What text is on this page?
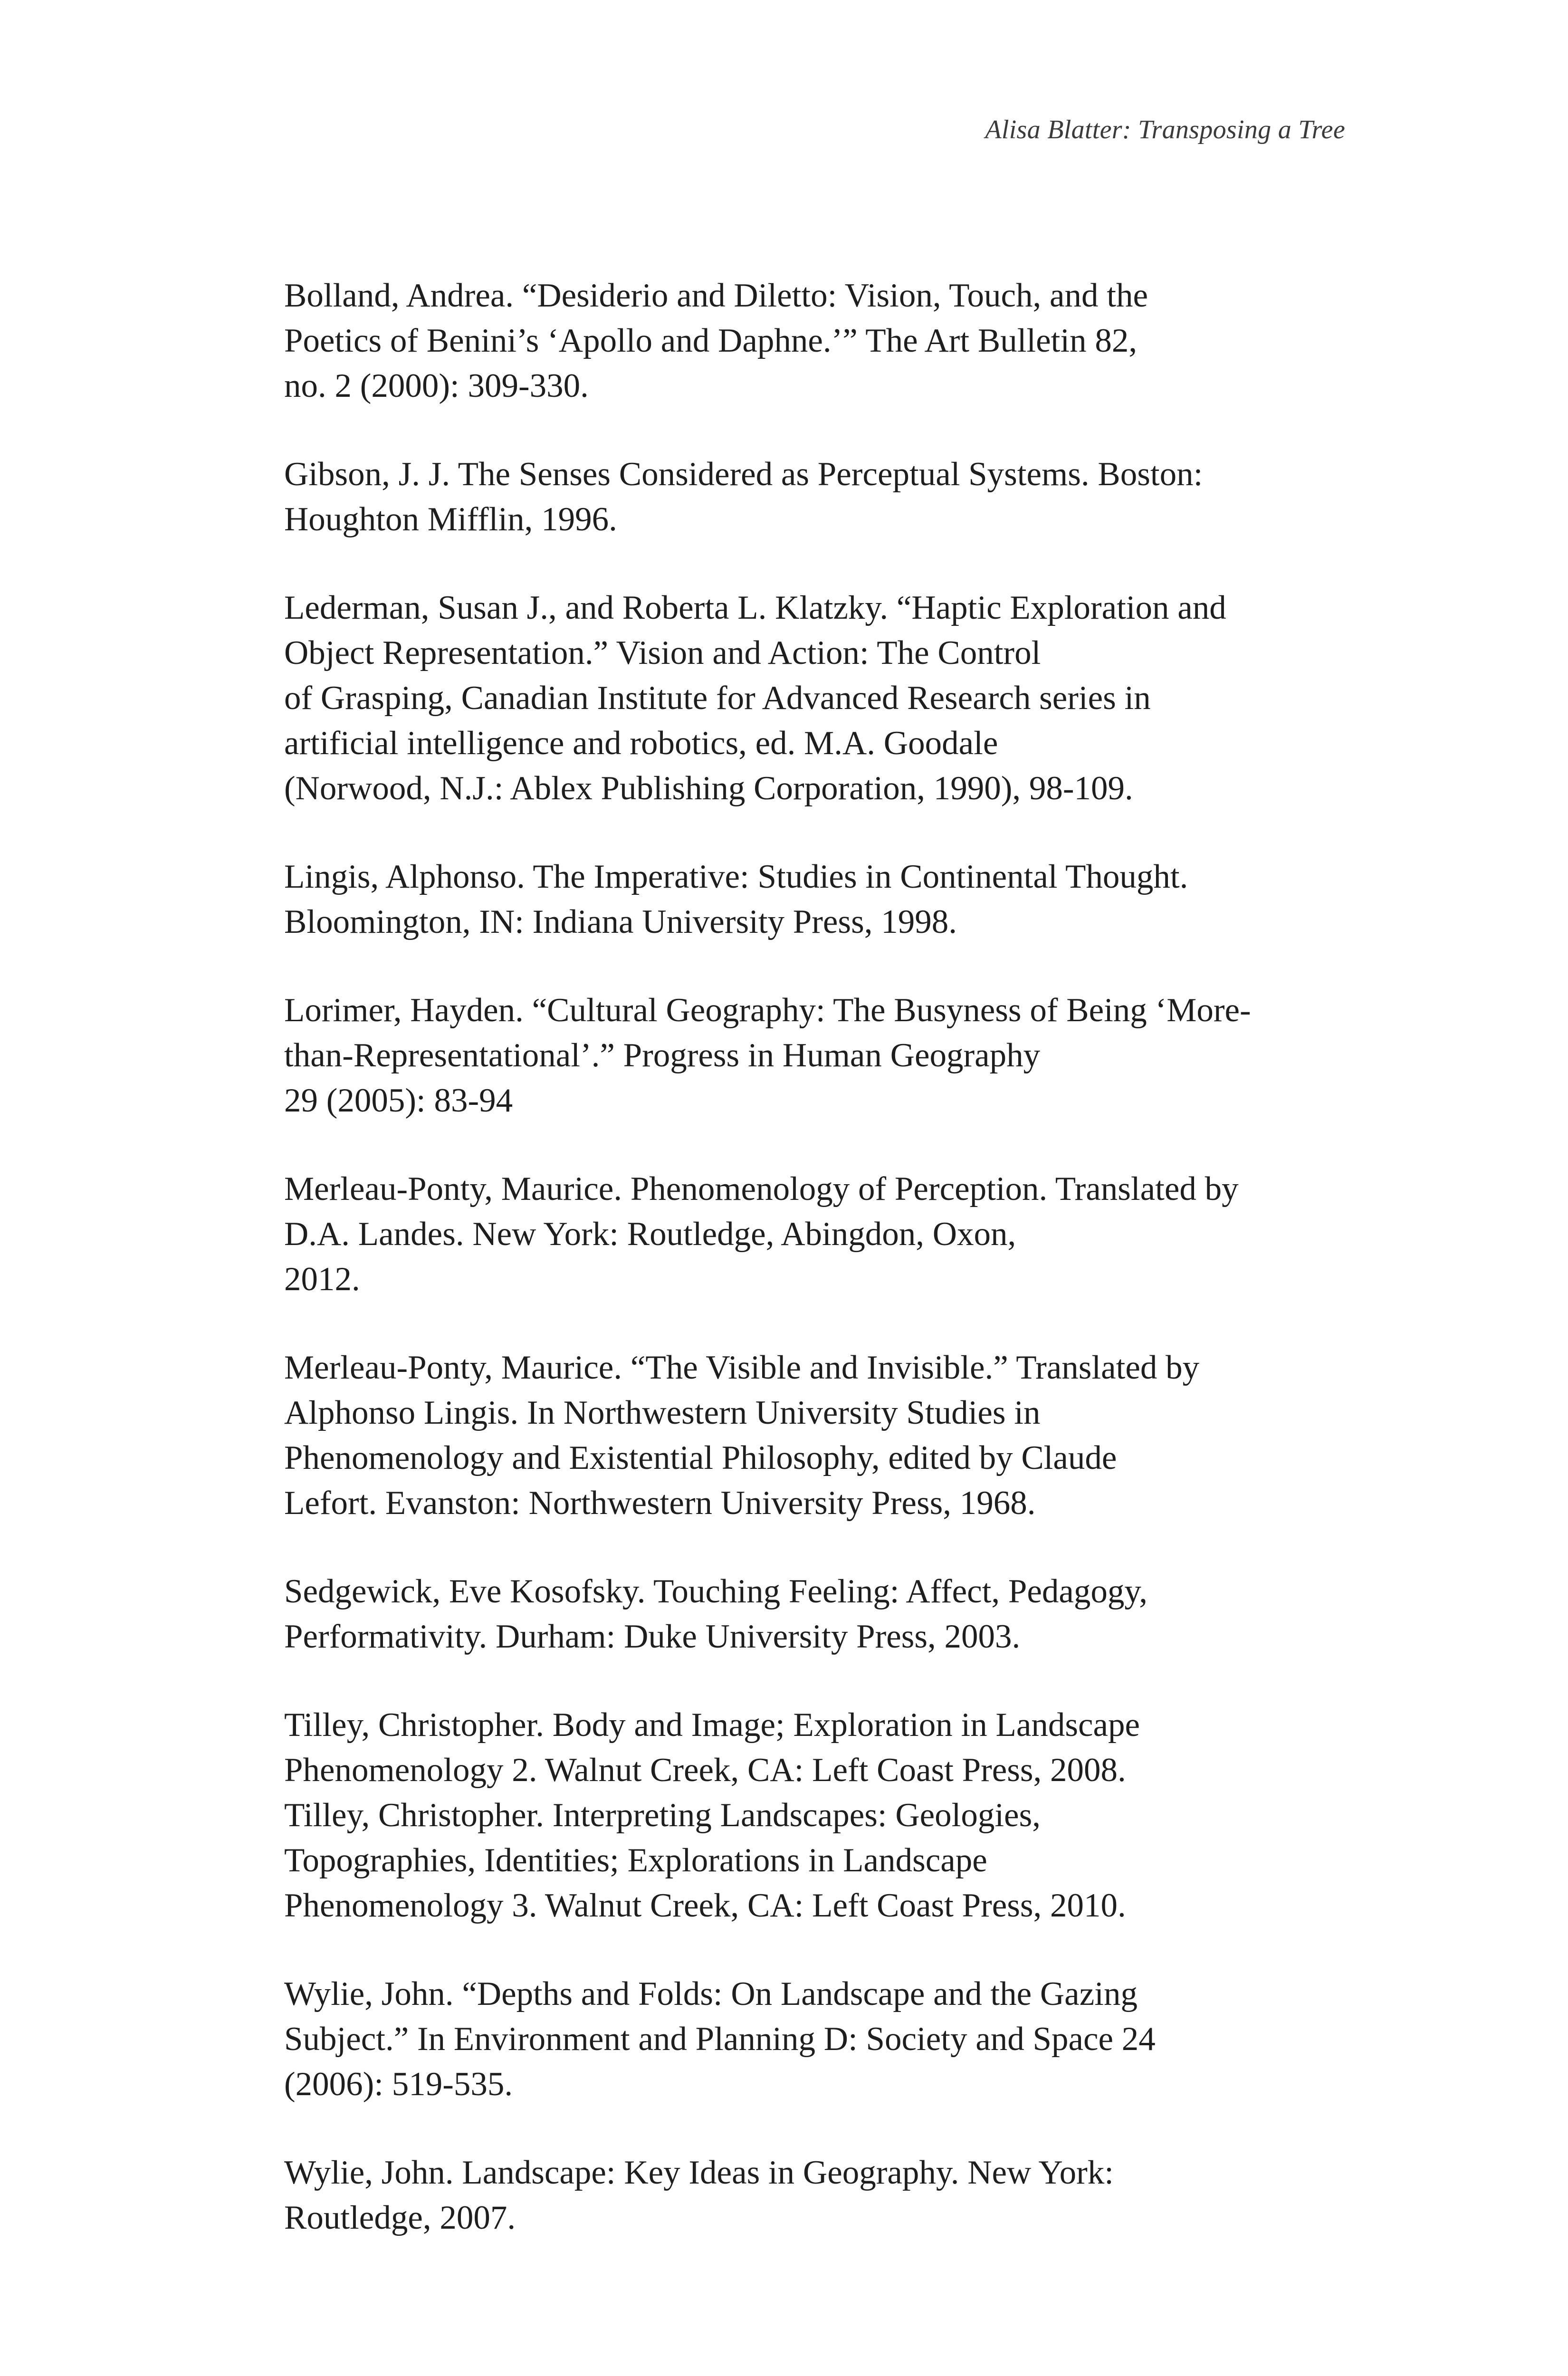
Alisa Blatter: Transposing a Tree
Bolland, Andrea. “Desiderio and Diletto: Vision, Touch, and the
Poetics of Benini’s ‘Apollo and Daphne.’” The Art Bulletin 82,
no. 2 (2000): 309-330.
Gibson, J. J. The Senses Considered as Perceptual Systems. Boston:
Houghton Mifflin, 1996.
Lederman, Susan J., and Roberta L. Klatzky. “Haptic Exploration and
Object Representation.” Vision and Action: The Control
of Grasping, Canadian Institute for Advanced Research series in
artificial intelligence and robotics, ed. M.A. Goodale
(Norwood, N.J.: Ablex Publishing Corporation, 1990), 98-109.
Lingis, Alphonso. The Imperative: Studies in Continental Thought.
Bloomington, IN: Indiana University Press, 1998.
Lorimer, Hayden. “Cultural Geography: The Busyness of Being ‘More-
than-Representational’.” Progress in Human Geography
29 (2005): 83-94
Merleau-Ponty, Maurice. Phenomenology of Perception. Translated by
D.A. Landes. New York: Routledge, Abingdon, Oxon,
2012.
Merleau-Ponty, Maurice. “The Visible and Invisible.” Translated by
Alphonso Lingis. In Northwestern University Studies in
Phenomenology and Existential Philosophy, edited by Claude
Lefort. Evanston: Northwestern University Press, 1968.
Sedgewick, Eve Kosofsky. Touching Feeling: Affect, Pedagogy,
Performativity. Durham: Duke University Press, 2003.
Tilley, Christopher. Body and Image; Exploration in Landscape
Phenomenology 2. Walnut Creek, CA: Left Coast Press, 2008.
Tilley, Christopher. Interpreting Landscapes: Geologies,
Topographies, Identities; Explorations in Landscape
Phenomenology 3. Walnut Creek, CA: Left Coast Press, 2010.
Wylie, John. “Depths and Folds: On Landscape and the Gazing
Subject.” In Environment and Planning D: Society and Space 24
(2006): 519-535.
Wylie, John. Landscape: Key Ideas in Geography. New York:
Routledge, 2007.
